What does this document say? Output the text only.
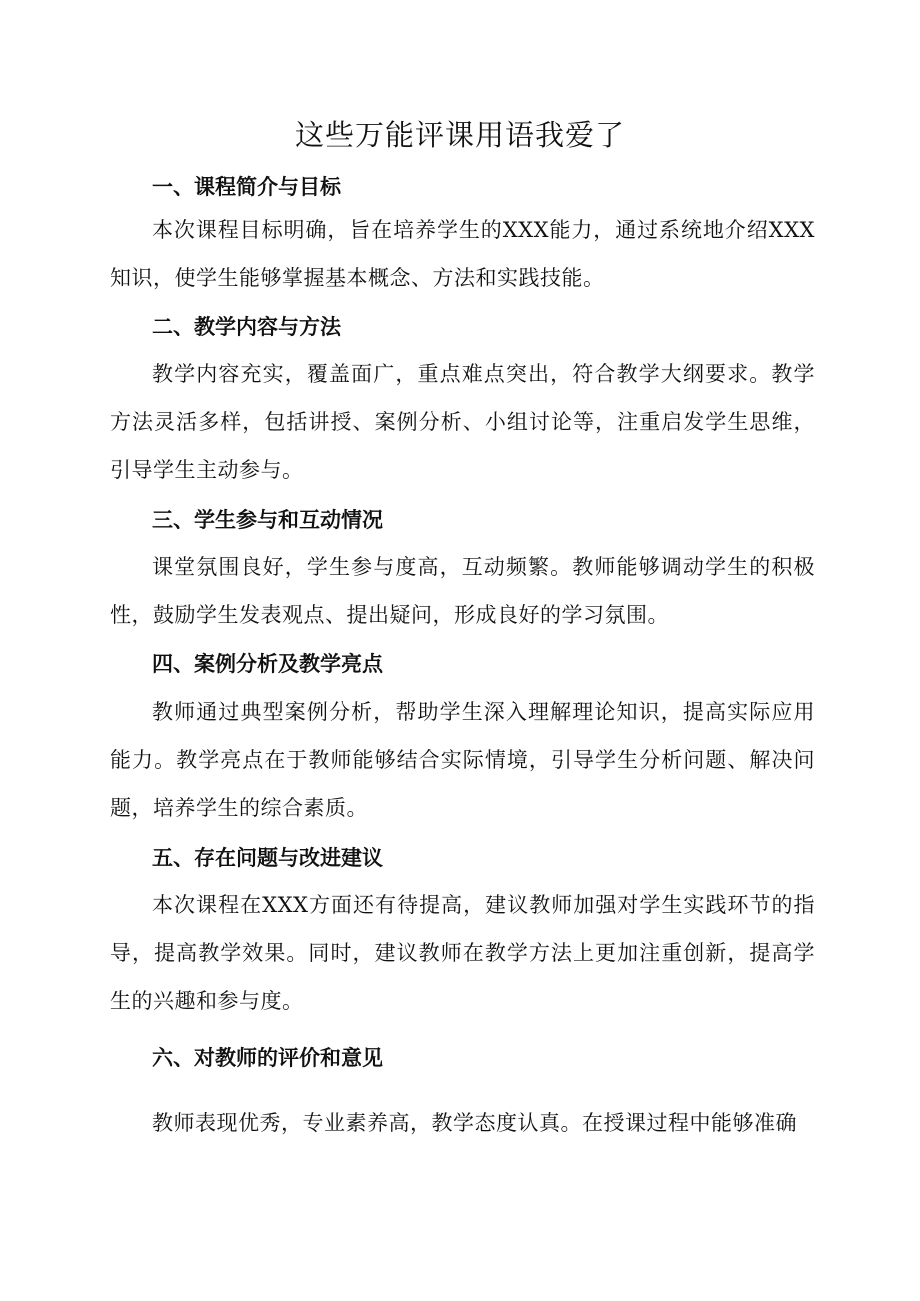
这些万能评课用语我爱了
一、课程简介与目标

本次课程目标明确，旨在培养学生的XXX能力，通过系统地介绍XXX知识，使学生能够掌握基本概念、方法和实践技能。

二、教学内容与方法

教学内容充实，覆盖面广，重点难点突出，符合教学大纲要求。教学方法灵活多样，包括讲授、案例分析、小组讨论等，注重启发学生思维，引导学生主动参与。

三、学生参与和互动情况

课堂氛围良好，学生参与度高，互动频繁。教师能够调动学生的积极性，鼓励学生发表观点、提出疑问，形成良好的学习氛围。

四、案例分析及教学亮点

教师通过典型案例分析，帮助学生深入理解理论知识，提高实际应用能力。教学亮点在于教师能够结合实际情境，引导学生分析问题、解决问题，培养学生的综合素质。

五、存在问题与改进建议

本次课程在XXX方面还有待提高，建议教师加强对学生实践环节的指导，提高教学效果。同时，建议教师在教学方法上更加注重创新，提高学生的兴趣和参与度。

六、对教师的评价和意见

教师表现优秀，专业素养高，教学态度认真。在授课过程中能够准确
